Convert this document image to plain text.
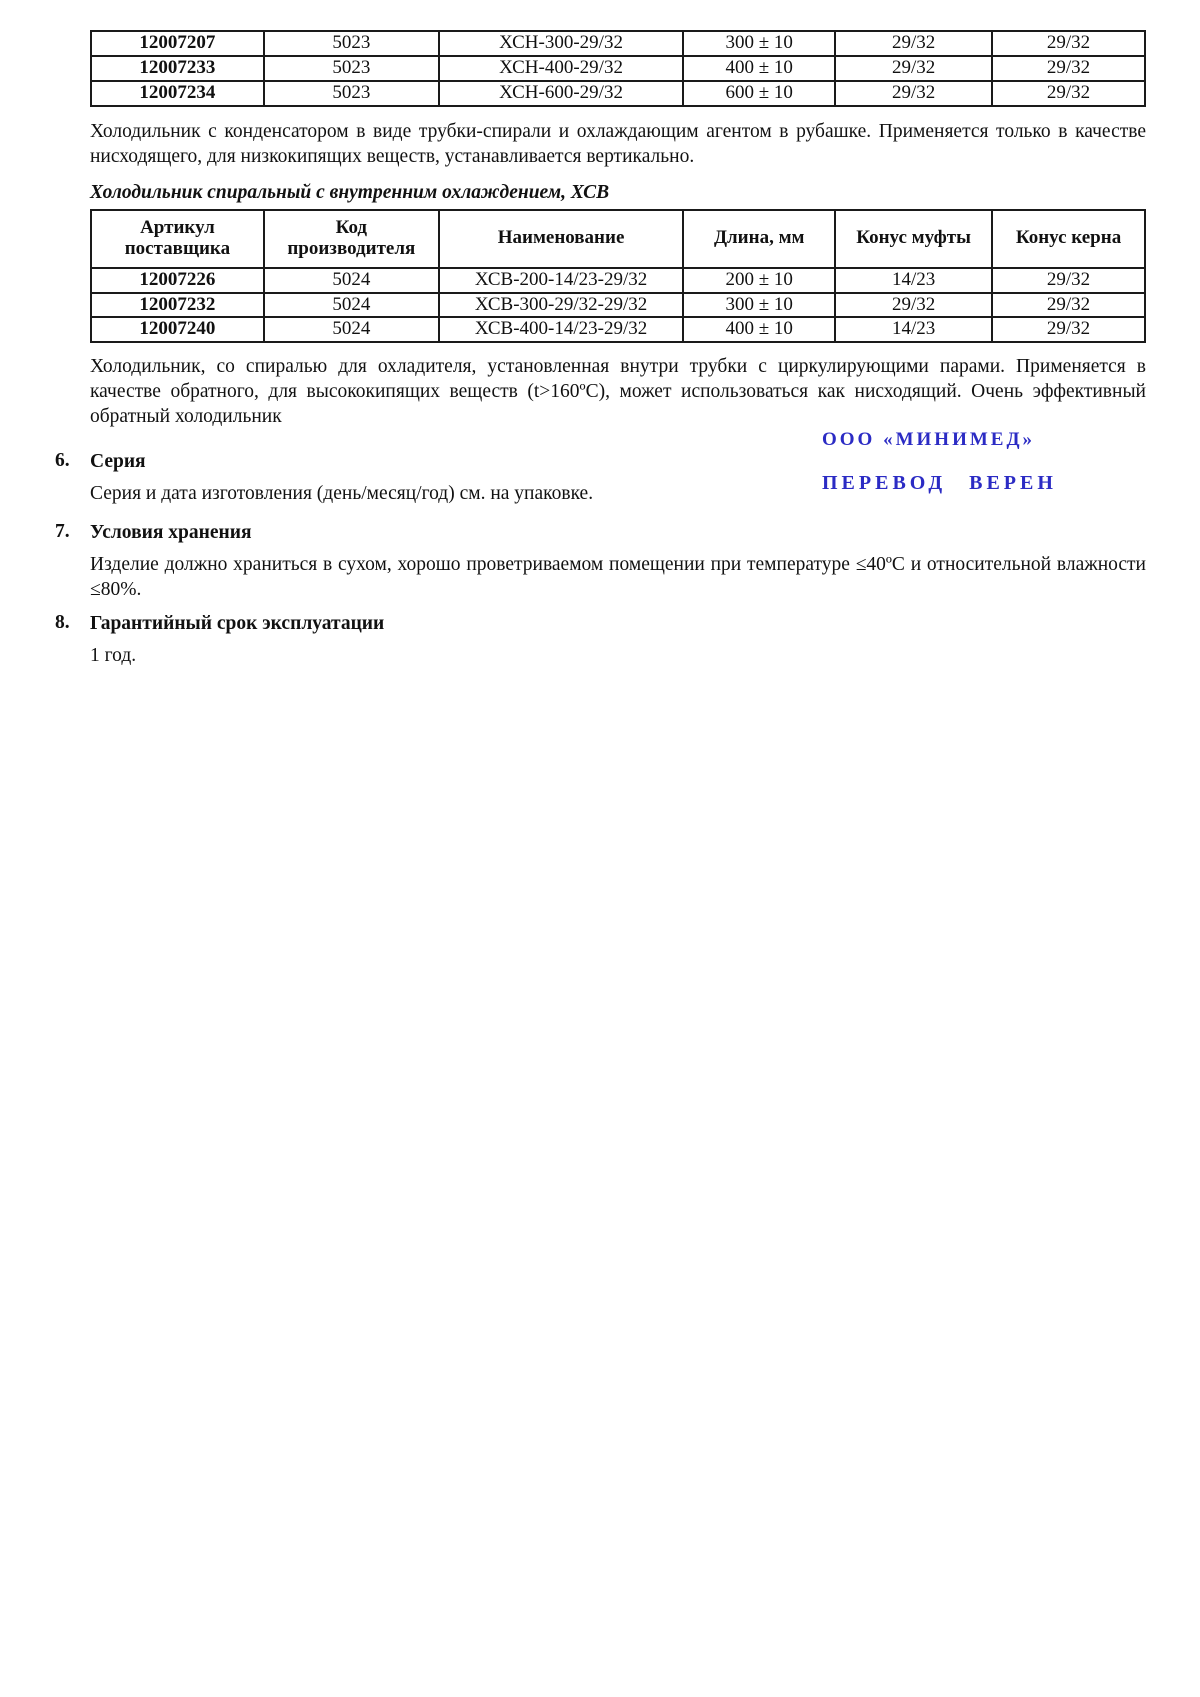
12007207	5023	ХСН-300-29/32	300 ± 10	29/32	29/32
12007233	5023	ХСН-400-29/32	400 ± 10	29/32	29/32
12007234	5023	ХСН-600-29/32	600 ± 10	29/32	29/32

Холодильник с конденсатором в виде трубки-спирали и охлаждающим агентом в рубашке. Применяется только в качестве нисходящего, для низкокипящих веществ, устанавливается вертикально.

Холодильник спиральный с внутренним охлаждением, ХСВ
Артикул поставщика	Код производителя	Наименование	Длина, мм	Конус муфты	Конус керна
12007226	5024	ХСВ-200-14/23-29/32	200 ± 10	14/23	29/32
12007232	5024	ХСВ-300-29/32-29/32	300 ± 10	29/32	29/32
12007240	5024	ХСВ-400-14/23-29/32	400 ± 10	14/23	29/32

Холодильник, со спиралью для охладителя, установленная внутри трубки с циркулирующими парами. Применяется в качестве обратного, для высококипящих веществ (t>160ºС), может использоваться как нисходящий. Очень эффективный обратный холодильник

6. Серия
Серия и дата изготовления (день/месяц/год) см. на упаковке.
7. Условия хранения
Изделие должно храниться в сухом, хорошо проветриваемом помещении при температуре ≤40ºС и относительной влажности ≤80%.
8. Гарантийный срок эксплуатации
1 год.
ООО «МИНИМЕД»
ПЕРЕВОД ВЕРЕН
